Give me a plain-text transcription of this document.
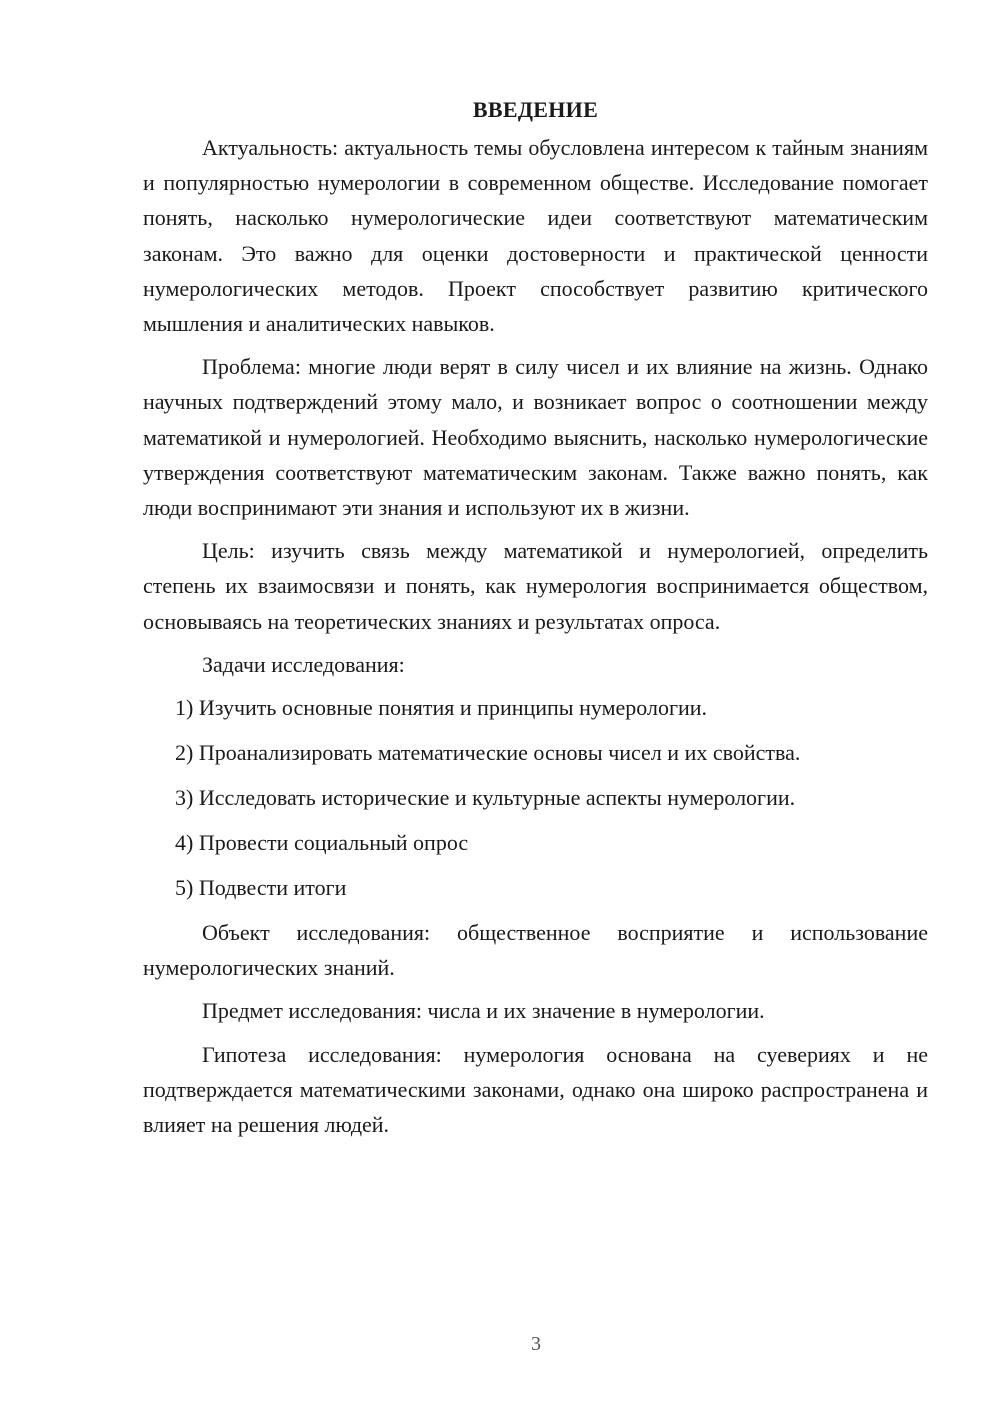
ВВЕДЕНИЕ

Актуальность: актуальность темы обусловлена интересом к тайным знаниям и популярностью нумерологии в современном обществе. Исследование помогает понять, насколько нумерологические идеи соответствуют математическим законам. Это важно для оценки достоверности и практической ценности нумерологических методов. Проект способствует развитию критического мышления и аналитических навыков.

Проблема: многие люди верят в силу чисел и их влияние на жизнь. Однако научных подтверждений этому мало, и возникает вопрос о соотношении между математикой и нумерологией. Необходимо выяснить, насколько нумерологические утверждения соответствуют математическим законам. Также важно понять, как люди воспринимают эти знания и используют их в жизни.

Цель: изучить связь между математикой и нумерологией, определить степень их взаимосвязи и понять, как нумерология воспринимается обществом, основываясь на теоретических знаниях и результатах опроса.

Задачи исследования:

1) Изучить основные понятия и принципы нумерологии.
2) Проанализировать математические основы чисел и их свойства.
3) Исследовать исторические и культурные аспекты нумерологии.
4) Провести социальный опрос
5) Подвести итоги

Объект исследования: общественное восприятие и использование нумерологических знаний.

Предмет исследования: числа и их значение в нумерологии.

Гипотеза исследования: нумерология основана на суевериях и не подтверждается математическими законами, однако она широко распространена и влияет на решения людей.

3
